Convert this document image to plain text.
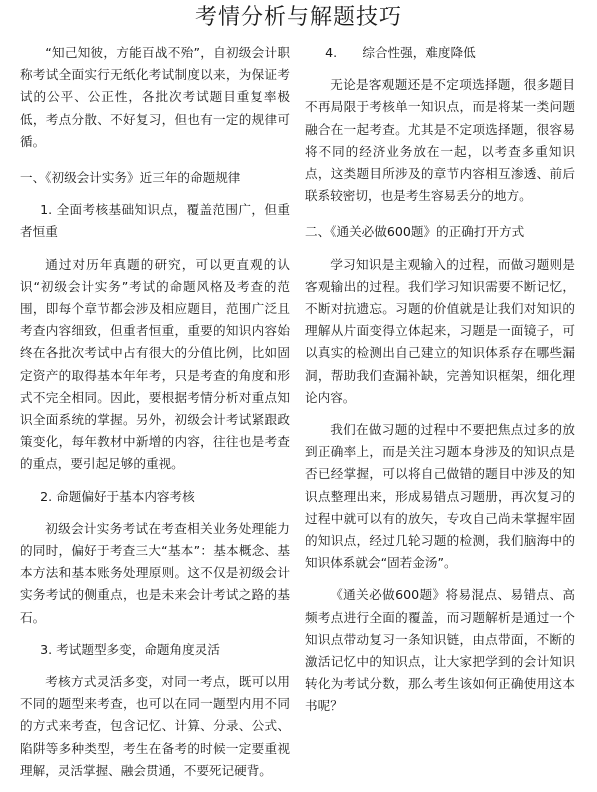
考情分析与解题技巧

“知己知彼，方能百战不殆”，自初级会计职称考试全面实行无纸化考试制度以来，为保证考试的公平、公正性，各批次考试题目重复率极低，考点分散、不好复习，但也有一定的规律可循。

一、《初级会计实务》近三年的命题规律

1. 全面考核基础知识点，覆盖范围广，但重者恒重

通过对历年真题的研究，可以更直观的认识“初级会计实务”考试的命题风格及考查的范围，即每个章节都会涉及相应题目，范围广泛且考查内容细致，但重者恒重，重要的知识内容始终在各批次考试中占有很大的分值比例，比如固定资产的取得基本年年考，只是考查的角度和形式不完全相同。因此，要根据考情分析对重点知识全面系统的掌握。另外，初级会计考试紧跟政策变化，每年教材中新增的内容，往往也是考查的重点，要引起足够的重视。

2. 命题偏好于基本内容考核

初级会计实务考试在考查相关业务处理能力的同时，偏好于考查三大“基本”：基本概念、基本方法和基本账务处理原则。这不仅是初级会计实务考试的侧重点，也是未来会计考试之路的基石。

3. 考试题型多变，命题角度灵活

考核方式灵活多变，对同一考点，既可以用不同的题型来考查，也可以在同一题型内用不同的方式来考查，包含记忆、计算、分录、公式、陷阱等多种类型，考生在备考的时候一定要重视理解，灵活掌握、融会贯通，不要死记硬背。

4.　　综合性强，难度降低

无论是客观题还是不定项选择题，很多题目不再局限于考核单一知识点，而是将某一类问题融合在一起考查。尤其是不定项选择题，很容易将不同的经济业务放在一起，以考查多重知识点，这类题目所涉及的章节内容相互渗透、前后联系较密切，也是考生容易丢分的地方。

二、《通关必做600题》的正确打开方式

学习知识是主观输入的过程，而做习题则是客观输出的过程。我们学习知识需要不断记忆，不断对抗遗忘。习题的价值就是让我们对知识的理解从片面变得立体起来，习题是一面镜子，可以真实的检测出自己建立的知识体系存在哪些漏洞，帮助我们查漏补缺，完善知识框架，细化理论内容。

我们在做习题的过程中不要把焦点过多的放到正确率上，而是关注习题本身涉及的知识点是否已经掌握，可以将自己做错的题目中涉及的知识点整理出来，形成易错点习题册，再次复习的过程中就可以有的放矢，专攻自己尚未掌握牢固的知识点，经过几轮习题的检测，我们脑海中的知识体系就会“固若金汤”。

《通关必做600题》将易混点、易错点、高频考点进行全面的覆盖，而习题解析是通过一个知识点带动复习一条知识链，由点带面，不断的激活记忆中的知识点，让大家把学到的会计知识转化为考试分数，那么考生该如何正确使用这本书呢？
